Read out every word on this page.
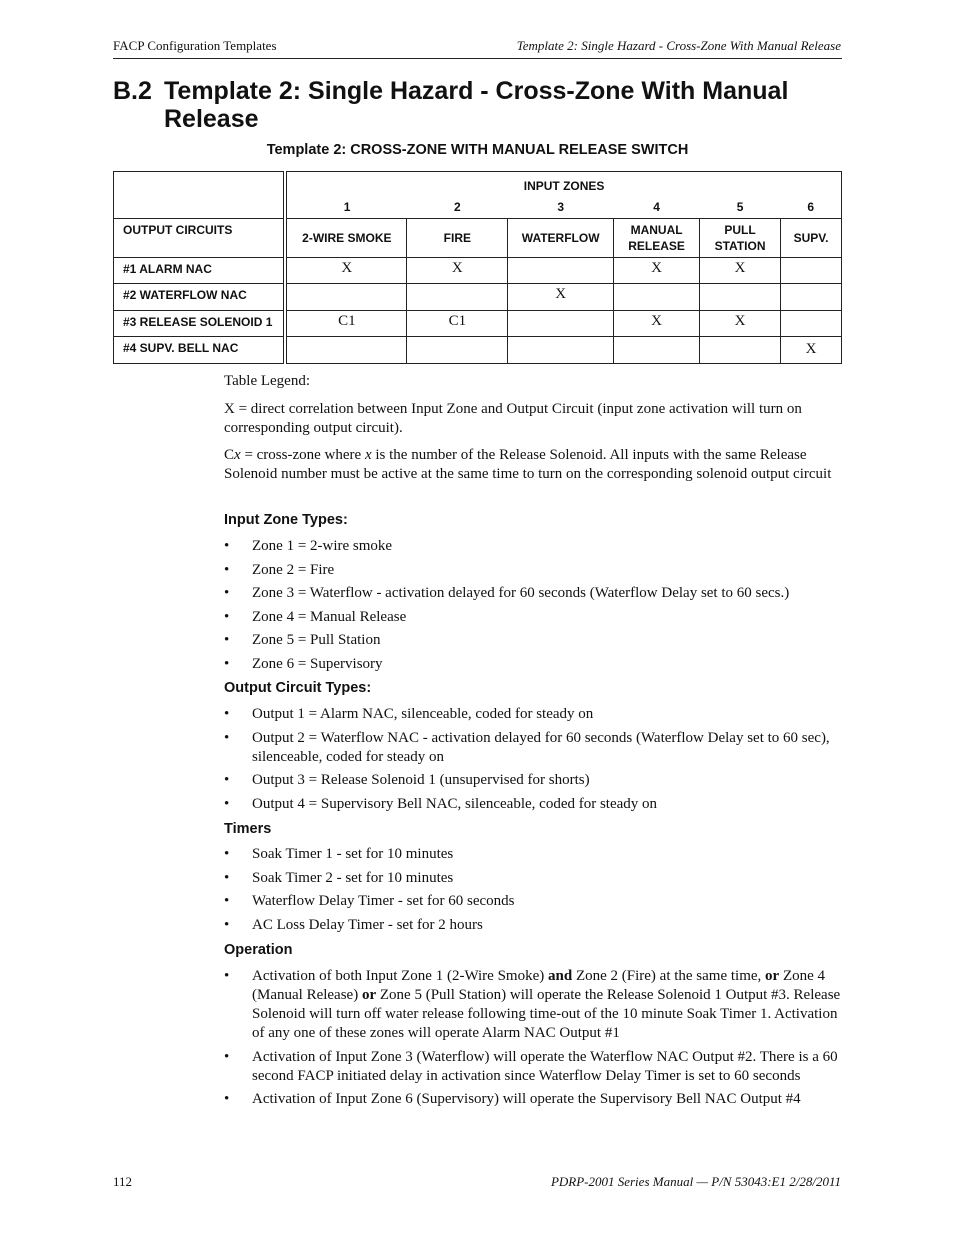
FACP Configuration Templates	Template 2: Single Hazard - Cross-Zone With Manual Release
B.2 Template 2: Single Hazard - Cross-Zone With Manual Release
Template 2: CROSS-ZONE WITH MANUAL RELEASE SWITCH
	INPUT ZONES					
	1	2	3	4	5	6
OUTPUT CIRCUITS	2-WIRE SMOKE	FIRE	WATERFLOW	MANUAL RELEASE	PULL STATION	SUPV.
#1 ALARM NAC	X	X		X	X	
#2 WATERFLOW NAC			X			
#3 RELEASE SOLENOID 1	C1	C1		X	X	
#4 SUPV. BELL NAC						X
Table Legend:
X = direct correlation between Input Zone and Output Circuit (input zone activation will turn on corresponding output circuit).
Cx = cross-zone where x is the number of the Release Solenoid. All inputs with the same Release Solenoid number must be active at the same time to turn on the corresponding solenoid output circuit
Input Zone Types:
• Zone 1 = 2-wire smoke
• Zone 2 = Fire
• Zone 3 = Waterflow - activation delayed for 60 seconds (Waterflow Delay set to 60 secs.)
• Zone 4 = Manual Release
• Zone 5 = Pull Station
• Zone 6 = Supervisory
Output Circuit Types:
• Output 1 = Alarm NAC, silenceable, coded for steady on
• Output 2 = Waterflow NAC - activation delayed for 60 seconds (Waterflow Delay set to 60 sec), silenceable, coded for steady on
• Output 3 = Release Solenoid 1 (unsupervised for shorts)
• Output 4 = Supervisory Bell NAC, silenceable, coded for steady on
Timers
• Soak Timer 1 - set for 10 minutes
• Soak Timer 2 - set for 10 minutes
• Waterflow Delay Timer - set for 60 seconds
• AC Loss Delay Timer - set for 2 hours
Operation
• Activation of both Input Zone 1 (2-Wire Smoke) and Zone 2 (Fire) at the same time, or Zone 4 (Manual Release) or Zone 5 (Pull Station) will operate the Release Solenoid 1 Output #3. Release Solenoid will turn off water release following time-out of the 10 minute Soak Timer 1. Activation of any one of these zones will operate Alarm NAC Output #1
• Activation of Input Zone 3 (Waterflow) will operate the Waterflow NAC Output #2. There is a 60 second FACP initiated delay in activation since Waterflow Delay Timer is set to 60 seconds
• Activation of Input Zone 6 (Supervisory) will operate the Supervisory Bell NAC Output #4
112	PDRP-2001 Series Manual — P/N 53043:E1 2/28/2011
